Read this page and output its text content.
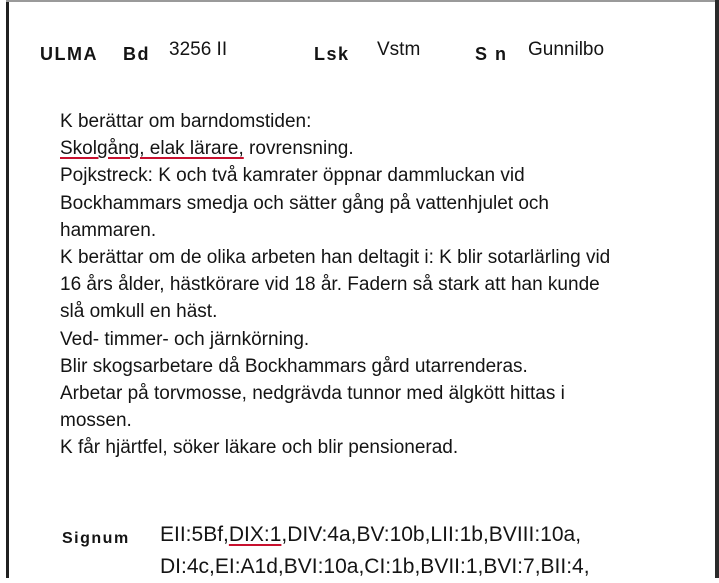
ULMA Bd 3256 II	Lsk Vstm	S n Gunnilbo
K berättar om barndomstiden:
Skolgång, elak lärare, rovrensning.
Pojkstreck: K och två kamrater öppnar dammluckan vid
Bockhammars smedja och sätter gång på vattenhjulet och
hammaren.
K berättar om de olika arbeten han deltagit i: K blir sotarlärling vid
16 års ålder, hästkörare vid 18 år. Fadern så stark att han kunde
slå omkull en häst.
Ved- timmer- och järnkörning.
Blir skogsarbetare då Bockhammars gård utarrenderas.
Arbetar på torvmosse, nedgrävda tunnor med älgkött hittas i
mossen.
K får hjärtfel, söker läkare och blir pensionerad.
Signum EII:5Bf,DIX:1,DIV:4a,BV:10b,LII:1b,BVIII:10a,
DI:4c,EI:A1d,BVI:10a,CI:1b,BVII:1,BVI:7,BII:4,
